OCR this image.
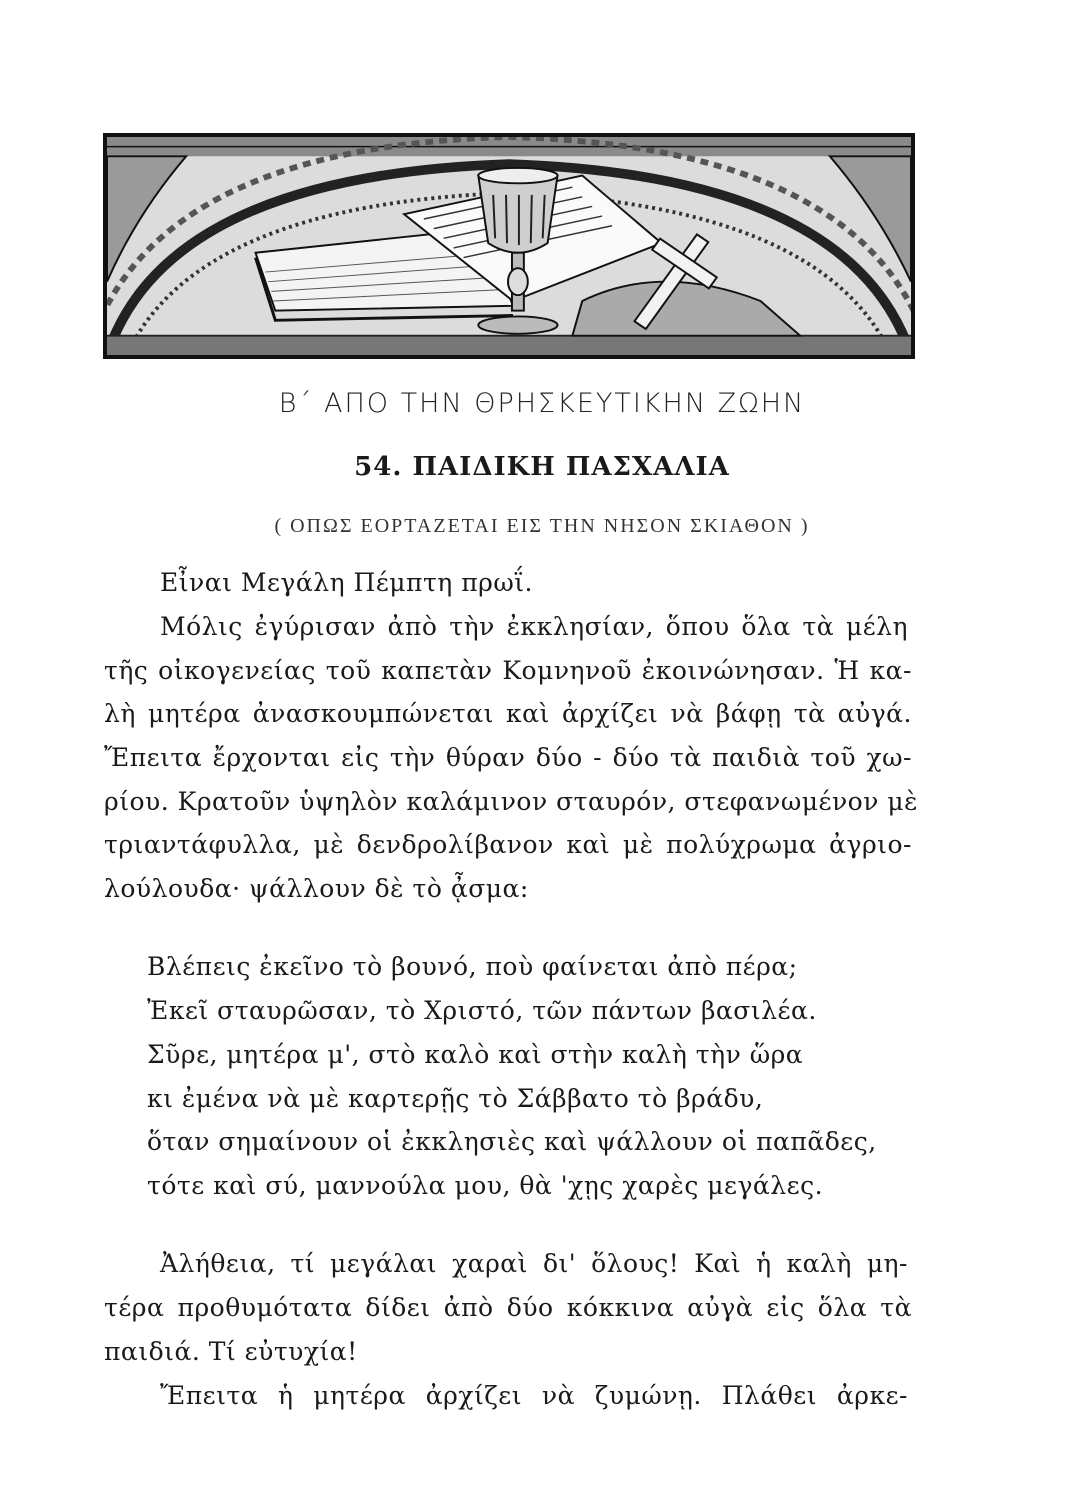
Β΄ ΑΠΟ ΤΗΝ ΘΡΗΣΚΕΥΤΙΚΗΝ ΖΩΗΝ
54. ΠΑΙΔΙΚΗ ΠΑΣΧΑΛΙΑ
( ΟΠΩΣ ΕΟΡΤΑΖΕΤΑΙ ΕΙΣ ΤΗΝ ΝΗΣΟΝ ΣΚΙΑΘΟΝ )
Εἶναι Μεγάλη Πέμπτη πρωΐ.
Μόλις ἐγύρισαν ἀπὸ τὴν ἐκκλησίαν, ὅπου ὅλα τὰ μέλη
τῆς οἰκογενείας τοῦ καπετὰν Κομνηνοῦ ἐκοινώνησαν. Ἡ κα-
λὴ μητέρα ἀνασκουμπώνεται καὶ ἀρχίζει νὰ βάφῃ τὰ αὐγά.
Ἔπειτα ἔρχονται εἰς τὴν θύραν δύο - δύο τὰ παιδιὰ τοῦ χω-
ρίου. Κρατοῦν ὑψηλὸν καλάμινον σταυρόν, στεφανωμένον μὲ
τριαντάφυλλα, μὲ δενδρολίβανον καὶ μὲ πολύχρωμα ἀγριο-
λούλουδα· ψάλλουν δὲ τὸ ᾆσμα:
Βλέπεις ἐκεῖνο τὸ βουνό, ποὺ φαίνεται ἀπὸ πέρα;
Ἐκεῖ σταυρῶσαν, τὸ Χριστό, τῶν πάντων βασιλέα.
Σῦρε, μητέρα μ', στὸ καλὸ καὶ στὴν καλὴ τὴν ὥρα
κι ἐμένα νὰ μὲ καρτερῇς τὸ Σάββατο τὸ βράδυ,
ὅταν σημαίνουν οἱ ἐκκλησιὲς καὶ ψάλλουν οἱ παπᾶδες,
τότε καὶ σύ, μαννούλα μου, θὰ 'χῃς χαρὲς μεγάλες.
Ἀλήθεια, τί μεγάλαι χαραὶ δι' ὅλους! Καὶ ἡ καλὴ μη-
τέρα προθυμότατα δίδει ἀπὸ δύο κόκκινα αὐγὰ εἰς ὅλα τὰ
παιδιά. Τί εὐτυχία!
Ἔπειτα ἡ μητέρα ἀρχίζει νὰ ζυμώνῃ. Πλάθει ἀρκε-
